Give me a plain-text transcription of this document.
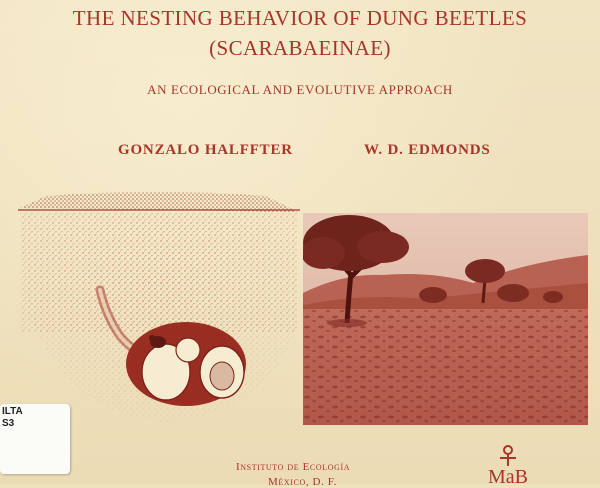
THE NESTING BEHAVIOR OF DUNG BEETLES
(SCARABAEINAE)
AN ECOLOGICAL AND EVOLUTIVE APPROACH
GONZALO HALFFTER	W. D. EDMONDS
ILTA
S3
Instituto de Ecología
México, D. F.	MaB
